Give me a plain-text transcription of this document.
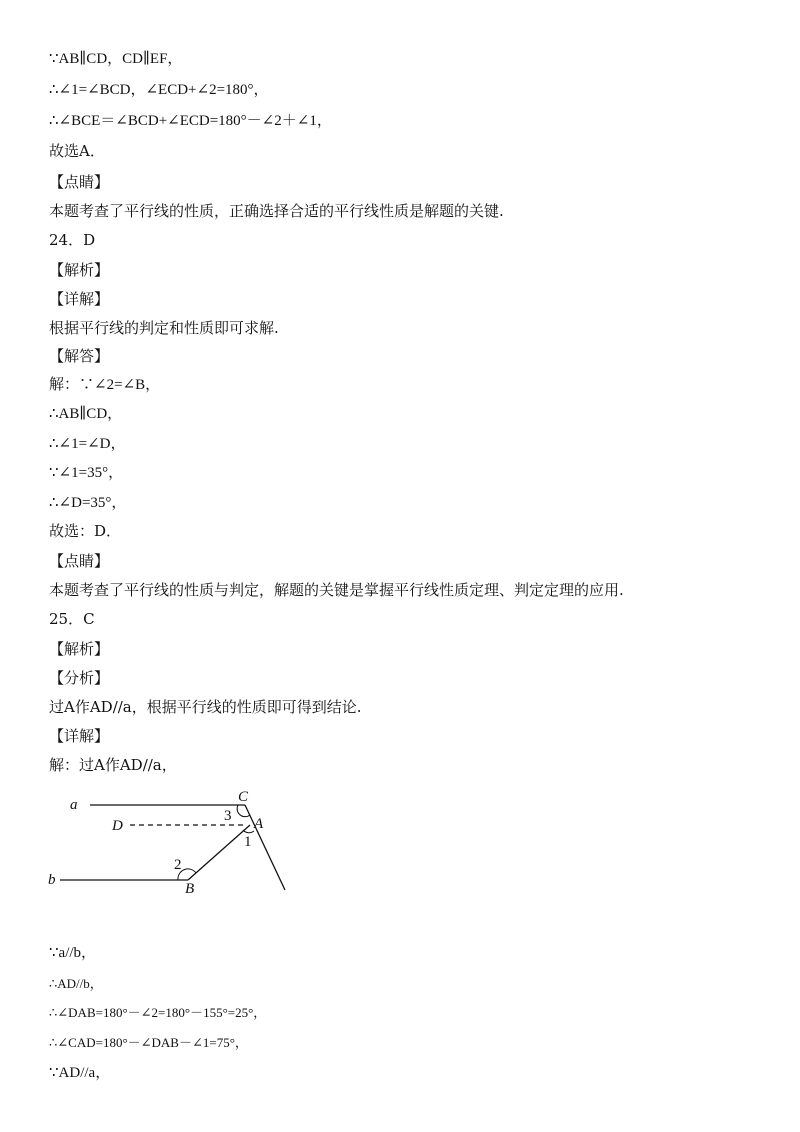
∵AB∥CD，CD∥EF，
∴∠1=∠BCD，∠ECD+∠2=180°，
∴∠BCE＝∠BCD+∠ECD=180°－∠2＋∠1，
故选A．
【点睛】
本题考查了平行线的性质，正确选择合适的平行线性质是解题的关键.
24．D
【解析】
【详解】
根据平行线的判定和性质即可求解.
【解答】
解：∵∠2=∠B，
∴AB∥CD，
∴∠1=∠D，
∵∠1=35°，
∴∠D=35°，
故选：D．
【点睛】
本题考查了平行线的性质与判定，解题的关键是掌握平行线性质定理、判定定理的应用.
25．C
【解析】
【分析】
过A作AD//a，根据平行线的性质即可得到结论.
【详解】
解：过A作AD//a，
a
D
b
C
A
B
2
3
1
∵a//b，
∴AD//b，
∴∠DAB=180°－∠2=180°－155°=25°，
∴∠CAD=180°－∠DAB－∠1=75°，
∵AD//a，
